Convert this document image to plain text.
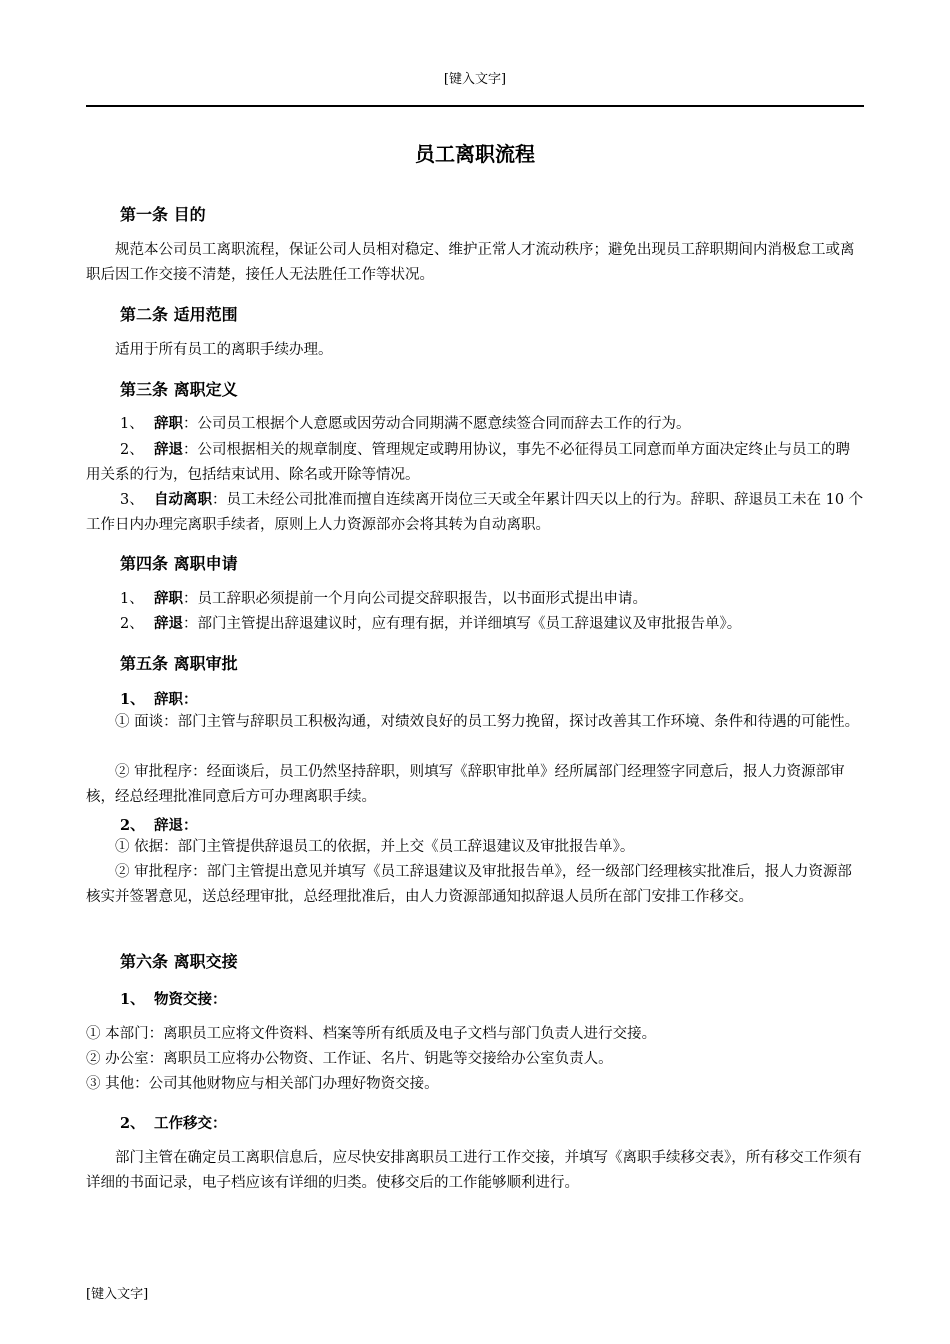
[键入文字]
员工离职流程
第一条 目的
规范本公司员工离职流程，保证公司人员相对稳定、维护正常人才流动秩序；避免出现员工辞职期间内消极怠工或离职后因工作交接不清楚，接任人无法胜任工作等状况。
第二条 适用范围
适用于所有员工的离职手续办理。
第三条 离职定义
1、 辞职：公司员工根据个人意愿或因劳动合同期满不愿意续签合同而辞去工作的行为。
2、 辞退：公司根据相关的规章制度、管理规定或聘用协议，事先不必征得员工同意而单方面决定终止与员工的聘用关系的行为，包括结束试用、除名或开除等情况。
3、 自动离职：员工未经公司批准而擅自连续离开岗位三天或全年累计四天以上的行为。辞职、辞退员工未在 10 个工作日内办理完离职手续者，原则上人力资源部亦会将其转为自动离职。
第四条 离职申请
1、 辞职：员工辞职必须提前一个月向公司提交辞职报告，以书面形式提出申请。
2、 辞退：部门主管提出辞退建议时，应有理有据，并详细填写《员工辞退建议及审批报告单》。
第五条 离职审批
1、 辞职：
① 面谈：部门主管与辞职员工积极沟通，对绩效良好的员工努力挽留，探讨改善其工作环境、条件和待遇的可能性。
② 审批程序：经面谈后，员工仍然坚持辞职，则填写《辞职审批单》经所属部门经理签字同意后，报人力资源部审核，经总经理批准同意后方可办理离职手续。
2、 辞退：
① 依据：部门主管提供辞退员工的依据，并上交《员工辞退建议及审批报告单》。
② 审批程序：部门主管提出意见并填写《员工辞退建议及审批报告单》，经一级部门经理核实批准后，报人力资源部核实并签署意见，送总经理审批，总经理批准后，由人力资源部通知拟辞退人员所在部门安排工作移交。
第六条 离职交接
1、 物资交接：
① 本部门：离职员工应将文件资料、档案等所有纸质及电子文档与部门负责人进行交接。
② 办公室：离职员工应将办公物资、工作证、名片、钥匙等交接给办公室负责人。
③ 其他：公司其他财物应与相关部门办理好物资交接。
2、 工作移交：
部门主管在确定员工离职信息后，应尽快安排离职员工进行工作交接，并填写《离职手续移交表》，所有移交工作须有详细的书面记录，电子档应该有详细的归类。使移交后的工作能够顺利进行。
[键入文字]
